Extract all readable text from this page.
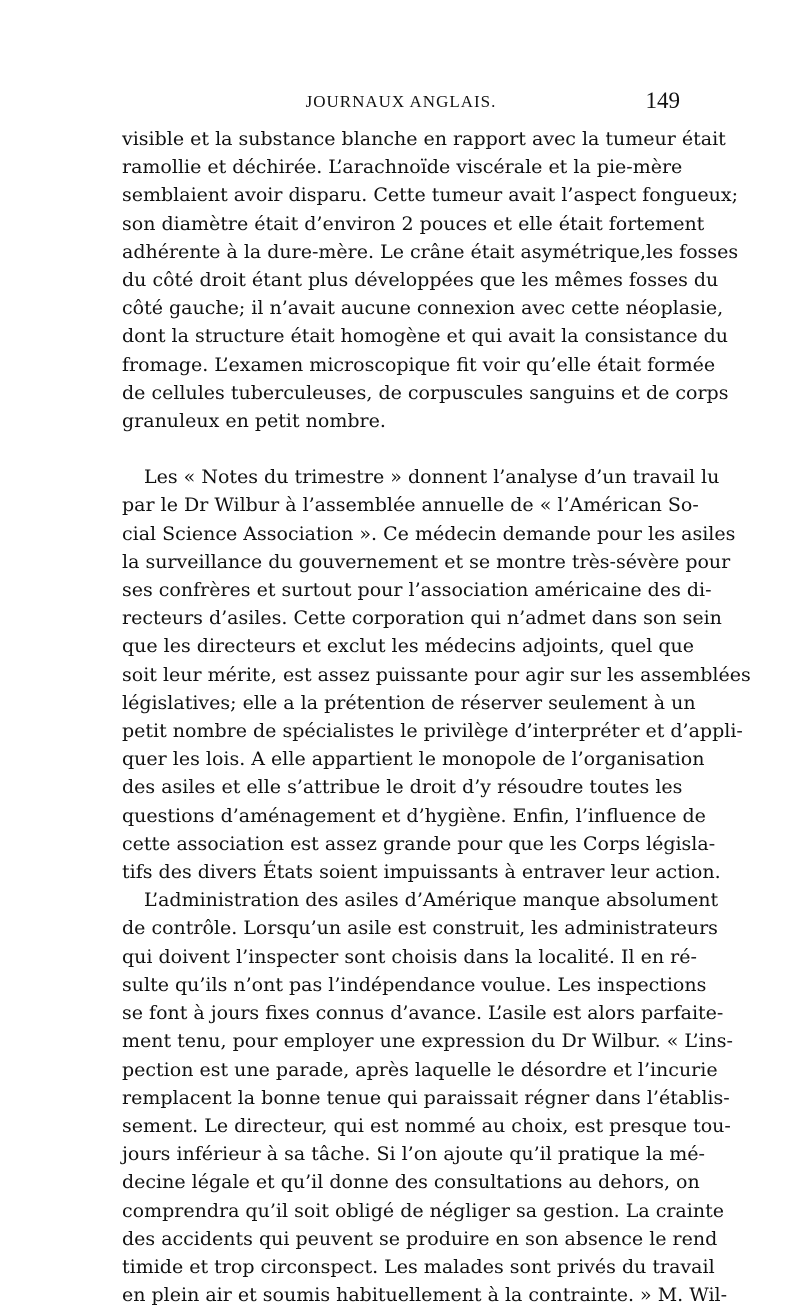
JOURNAUX ANGLAIS.	149
visible et la substance blanche en rapport avec la tumeur était
ramollie et déchirée. L’arachnoïde viscérale et la pie-mère
semblaient avoir disparu. Cette tumeur avait l’aspect fongueux;
son diamètre était d’environ 2 pouces et elle était fortement
adhérente à la dure-mère. Le crâne était asymétrique,les fosses
du côté droit étant plus développées que les mêmes fosses du
côté gauche; il n’avait aucune connexion avec cette néoplasie,
dont la structure était homogène et qui avait la consistance du
fromage. L’examen microscopique fit voir qu’elle était formée
de cellules tuberculeuses, de corpuscules sanguins et de corps
granuleux en petit nombre.
Les « Notes du trimestre » donnent l’analyse d’un travail lu
par le Dr Wilbur à l’assemblée annuelle de « l’Américan So-
cial Science Association ». Ce médecin demande pour les asiles
la surveillance du gouvernement et se montre très-sévère pour
ses confrères et surtout pour l’association américaine des di-
recteurs d’asiles. Cette corporation qui n’admet dans son sein
que les directeurs et exclut les médecins adjoints, quel que
soit leur mérite, est assez puissante pour agir sur les assemblées
législatives; elle a la prétention de réserver seulement à un
petit nombre de spécialistes le privilège d’interpréter et d’appli-
quer les lois. A elle appartient le monopole de l’organisation
des asiles et elle s’attribue le droit d’y résoudre toutes les
questions d’aménagement et d’hygiène. Enfin, l’influence de
cette association est assez grande pour que les Corps législa-
tifs des divers États soient impuissants à entraver leur action.
L’administration des asiles d’Amérique manque absolument
de contrôle. Lorsqu’un asile est construit, les administrateurs
qui doivent l’inspecter sont choisis dans la localité. Il en ré-
sulte qu’ils n’ont pas l’indépendance voulue. Les inspections
se font à jours fixes connus d’avance. L’asile est alors parfaite-
ment tenu, pour employer une expression du Dr Wilbur. « L’ins-
pection est une parade, après laquelle le désordre et l’incurie
remplacent la bonne tenue qui paraissait régner dans l’établis-
sement. Le directeur, qui est nommé au choix, est presque tou-
jours inférieur à sa tâche. Si l’on ajoute qu’il pratique la mé-
decine légale et qu’il donne des consultations au dehors, on
comprendra qu’il soit obligé de négliger sa gestion. La crainte
des accidents qui peuvent se produire en son absence le rend
timide et trop circonspect. Les malades sont privés du travail
en plein air et soumis habituellement à la contrainte. » M. Wil-
